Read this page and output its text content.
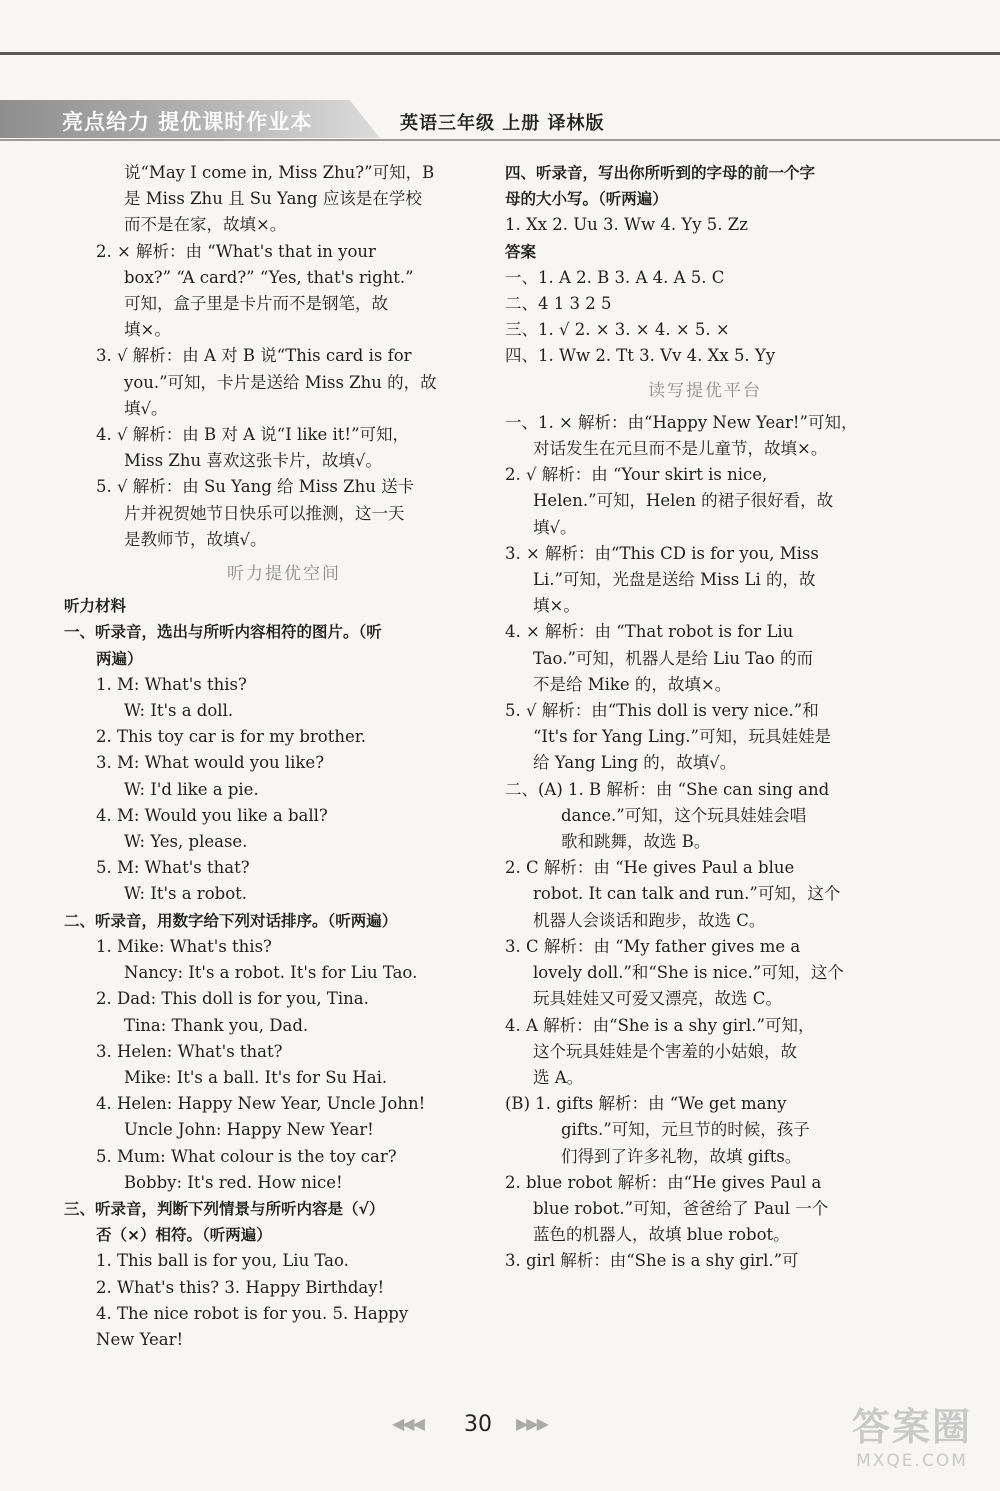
亮点给力 提优课时作业本	英语三年级 上册 译林版
说“May I come in, Miss Zhu?”可知，B
是 Miss Zhu 且 Su Yang 应该是在学校
而不是在家，故填×。
2. × 解析：由 “What's that in your
box?” “A card?” “Yes, that's right.”
可知，盒子里是卡片而不是钢笔，故
填×。
3. √ 解析：由 A 对 B 说“This card is for
you.”可知，卡片是送给 Miss Zhu 的，故
填√。
4. √ 解析：由 B 对 A 说“I like it!”可知，
Miss Zhu 喜欢这张卡片，故填√。
5. √ 解析：由 Su Yang 给 Miss Zhu 送卡
片并祝贺她节日快乐可以推测，这一天
是教师节，故填√。
听力提优空间
听力材料
一、听录音，选出与所听内容相符的图片。（听
两遍）
1. M: What's this?
W: It's a doll.
2. This toy car is for my brother.
3. M: What would you like?
W: I'd like a pie.
4. M: Would you like a ball?
W: Yes, please.
5. M: What's that?
W: It's a robot.
二、听录音，用数字给下列对话排序。（听两遍）
1. Mike: What's this?
Nancy: It's a robot. It's for Liu Tao.
2. Dad: This doll is for you, Tina.
Tina: Thank you, Dad.
3. Helen: What's that?
Mike: It's a ball. It's for Su Hai.
4. Helen: Happy New Year, Uncle John!
Uncle John: Happy New Year!
5. Mum: What colour is the toy car?
Bobby: It's red. How nice!
三、听录音，判断下列情景与所听内容是（√）
否（×）相符。（听两遍）
1. This ball is for you, Liu Tao.
2. What's this? 3. Happy Birthday!
4. The nice robot is for you. 5. Happy
New Year!
四、听录音，写出你所听到的字母的前一个字
母的大小写。（听两遍）
1. Xx 2. Uu 3. Ww 4. Yy 5. Zz
答案
一、1. A 2. B 3. A 4. A 5. C
二、4 1 3 2 5
三、1. √ 2. × 3. × 4. × 5. ×
四、1. Ww 2. Tt 3. Vv 4. Xx 5. Yy
读写提优平台
一、1. × 解析：由“Happy New Year!”可知，
对话发生在元旦而不是儿童节，故填×。
2. √ 解析：由 “Your skirt is nice,
Helen.”可知，Helen 的裙子很好看，故
填√。
3. × 解析：由“This CD is for you, Miss
Li.”可知，光盘是送给 Miss Li 的，故
填×。
4. × 解析：由 “That robot is for Liu
Tao.”可知，机器人是给 Liu Tao 的而
不是给 Mike 的，故填×。
5. √ 解析：由“This doll is very nice.”和
“It's for Yang Ling.”可知，玩具娃娃是
给 Yang Ling 的，故填√。
二、(A) 1. B 解析：由 “She can sing and
dance.”可知，这个玩具娃娃会唱
歌和跳舞，故选 B。
2. C 解析：由 “He gives Paul a blue
robot. It can talk and run.”可知，这个
机器人会谈话和跑步，故选 C。
3. C 解析：由 “My father gives me a
lovely doll.”和“She is nice.”可知，这个
玩具娃娃又可爱又漂亮，故选 C。
4. A 解析：由“She is a shy girl.”可知，
这个玩具娃娃是个害羞的小姑娘，故
选 A。
(B) 1. gifts 解析：由 “We get many
gifts.”可知，元旦节的时候，孩子
们得到了许多礼物，故填 gifts。
2. blue robot 解析：由“He gives Paul a
blue robot.”可知，爸爸给了 Paul 一个
蓝色的机器人，故填 blue robot。
3. girl 解析：由“She is a shy girl.”可
◀◀◀ 30 ▶▶▶	答案圈
MXQE.COM
